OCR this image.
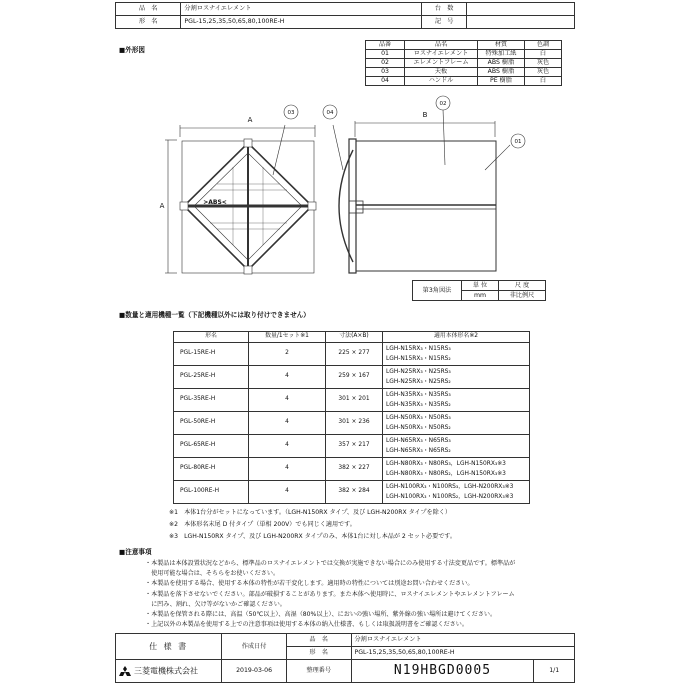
品　名	分割ロスナイエレメント	台　数	
形　名	PGL-15,25,35,50,65,80,100RE-H	記　号	
■外形図
品番	品名	材質	色調
01	ロスナイエレメント	特殊加工紙	白
02	エレメントフレーム	ABS 樹脂	灰色
03	天板	ABS 樹脂	灰色
04	ハンドル	PE 樹脂	白
03	04
02
01
A
A
B
>ABS<
第3角図法	単 位	尺 度
	mm	非比例尺
■数量と適用機種一覧（下記機種以外には取り付けできません）
形名	数量/1セット※1	寸法(A×B)	適用本体形名※2
PGL-15RE-H	2	225 × 277	LGH-N15RX₃・N15RS₃
LGH-N15RX₃・N15RS₂

PGL-25RE-H	4	259 × 167	LGH-N25RX₃・N25RS₃
LGH-N25RX₃・N25RS₂

PGL-35RE-H	4	301 × 201	LGH-N35RX₃・N35RS₃
LGH-N35RX₃・N35RS₂

PGL-50RE-H	4	301 × 236	LGH-N50RX₃・N50RS₃
LGH-N50RX₃・N50RS₂

PGL-65RE-H	4	357 × 217	LGH-N65RX₃・N65RS₃
LGH-N65RX₃・N65RS₂

PGL-80RE-H	4	382 × 227	LGH-N80RX₃・N80RS₃，LGH-N150RX₃※3
LGH-N80RX₃・N80RS₂，LGH-N150RX₃※3

PGL-100RE-H	4	382 × 284	LGH-N100RX₃・N100RS₃，LGH-N200RX₃※3
LGH-N100RX₃・N100RS₂，LGH-N200RX₃※3
※1　本体1台分がセットになっています。（LGH-N150RX タイプ、及び LGH-N200RX タイプを除く）
※2　本体形名末尾 D 付タイプ（単相 200V）でも同じく適用です。
※3　LGH-N150RX タイプ、及び LGH-N200RX タイプのみ、本体1台に対し本品が 2 セット必要です。
■注意事項
・本製品は本体設置状況などから、標準品のロスナイエレメントでは交換が実施できない場合にのみ使用する寸法変更品です。標準品が
　使用可能な場合は、そちらをお使いください。
・本製品を使用する場合、使用する本体の特性が若干変化します。適用時の特性については別途お問い合わせください。
・本製品を落下させないでください。部品が破損することがあります。また本体へ使用時に、ロスナイエレメントやエレメントフレーム
　に凹み、割れ、欠け等がないかご確認ください。
・本製品を保管される際には、高温（50℃以上）、高湿（80%以上）、においの強い場所、紫外線の強い場所は避けてください。
・上記以外の本製品を使用する上での注意事項は使用する本体の納入仕様書、もしくは取扱説明書をご確認ください。
仕 様 書	作成日付	品　名	分割ロスナイエレメント	
		形　名	PGL-15,25,35,50,65,80,100RE-H	
三菱電機株式会社	2019-03-06	整理番号	N19HBGD0005	1/1
